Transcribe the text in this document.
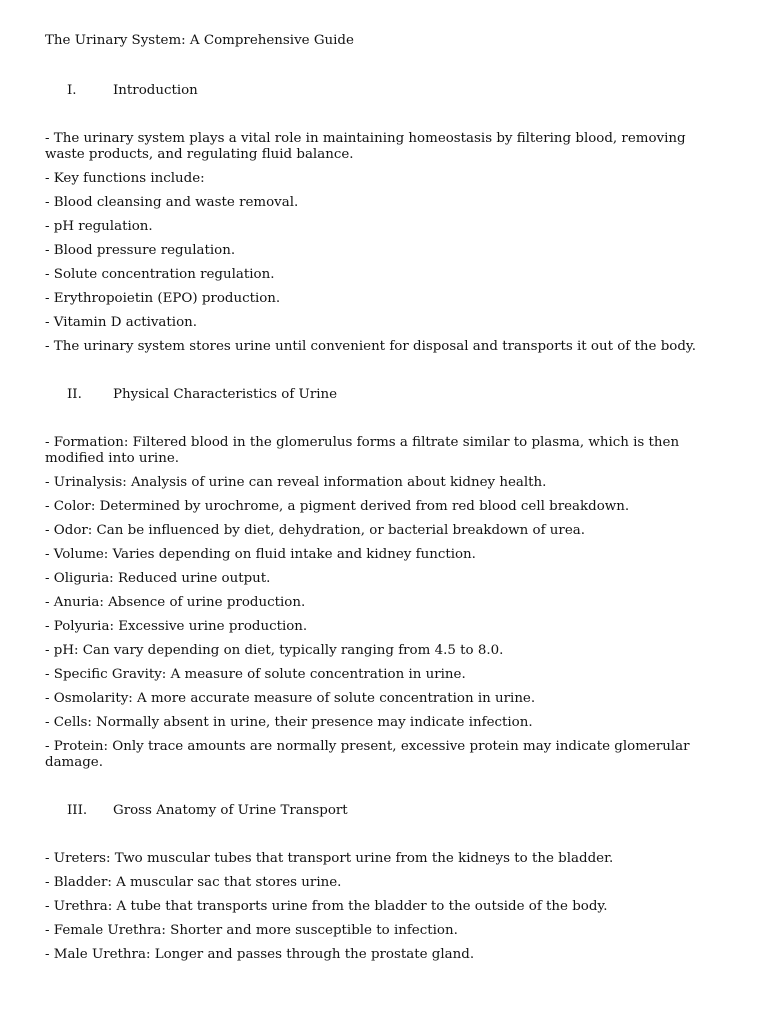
The Urinary System: A Comprehensive Guide
I.	Introduction
- The urinary system plays a vital role in maintaining homeostasis by filtering blood, removing waste products, and regulating fluid balance.
- Key functions include:
- Blood cleansing and waste removal.
- pH regulation.
- Blood pressure regulation.
- Solute concentration regulation.
- Erythropoietin (EPO) production.
- Vitamin D activation.
- The urinary system stores urine until convenient for disposal and transports it out of the body.
II.	Physical Characteristics of Urine
- Formation: Filtered blood in the glomerulus forms a filtrate similar to plasma, which is then modified into urine.
- Urinalysis: Analysis of urine can reveal information about kidney health.
- Color: Determined by urochrome, a pigment derived from red blood cell breakdown.
- Odor: Can be influenced by diet, dehydration, or bacterial breakdown of urea.
- Volume: Varies depending on fluid intake and kidney function.
- Oliguria: Reduced urine output.
- Anuria: Absence of urine production.
- Polyuria: Excessive urine production.
- pH: Can vary depending on diet, typically ranging from 4.5 to 8.0.
- Specific Gravity: A measure of solute concentration in urine.
- Osmolarity: A more accurate measure of solute concentration in urine.
- Cells: Normally absent in urine, their presence may indicate infection.
- Protein: Only trace amounts are normally present, excessive protein may indicate glomerular damage.
III.	Gross Anatomy of Urine Transport
- Ureters: Two muscular tubes that transport urine from the kidneys to the bladder.
- Bladder: A muscular sac that stores urine.
- Urethra: A tube that transports urine from the bladder to the outside of the body.
- Female Urethra: Shorter and more susceptible to infection.
- Male Urethra: Longer and passes through the prostate gland.
